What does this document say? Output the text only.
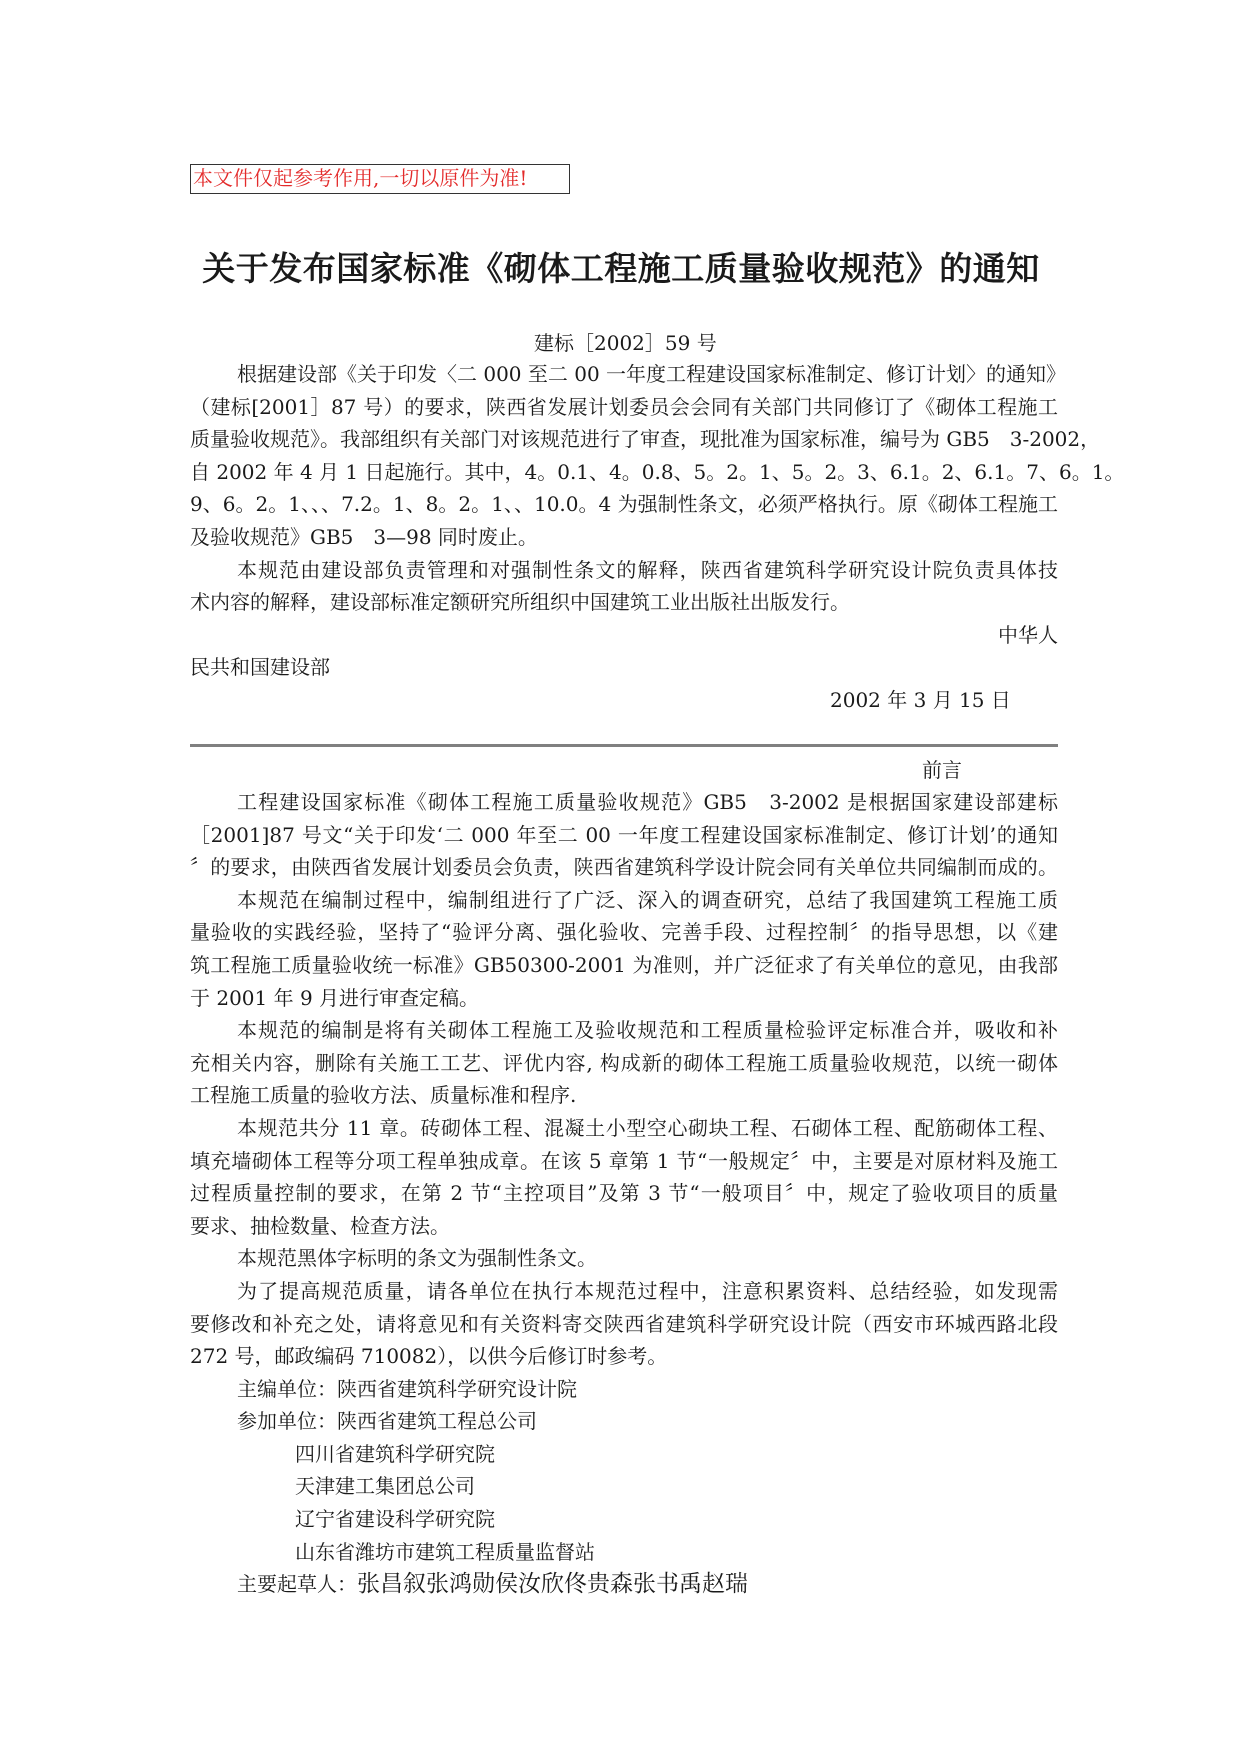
本文件仅起参考作用,一切以原件为准!
关于发布国家标准《砌体工程施工质量验收规范》的通知
建标［2002］59 号
根据建设部《关于印发〈二 000 至二 00 一年度工程建设国家标准制定、修订计划〉的通知》
（建标[2001］87 号）的要求，陕西省发展计划委员会会同有关部门共同修订了《砌体工程施工
质量验收规范》。我部组织有关部门对该规范进行了审查，现批准为国家标准，编号为 GB5　3-2002，
自 2002 年 4 月 1 日起施行。其中，4。0.1、4。0.8、5。2。1、5。2。3、6.1。2、6.1。7、6。1。
9、6。2。1、、、7.2。1、8。2。1、、10.0。4 为强制性条文，必须严格执行。原《砌体工程施工
及验收规范》GB5　3—98 同时废止。
本规范由建设部负责管理和对强制性条文的解释，陕西省建筑科学研究设计院负责具体技
术内容的解释，建设部标准定额研究所组织中国建筑工业出版社出版发行。
中华人
民共和国建设部
2002 年 3 月 15 日
前言
工程建设国家标准《砌体工程施工质量验收规范》GB5　3-2002 是根据国家建设部建标
［2001]87 号文“关于印发‘二 000 年至二 00 一年度工程建设国家标准制定、修订计划’的通知
〞的要求，由陕西省发展计划委员会负责，陕西省建筑科学设计院会同有关单位共同编制而成的。
本规范在编制过程中，编制组进行了广泛、深入的调查研究，总结了我国建筑工程施工质
量验收的实践经验，坚持了“验评分离、强化验收、完善手段、过程控制〞的指导思想，以《建
筑工程施工质量验收统一标准》GB50300-2001 为准则，并广泛征求了有关单位的意见，由我部
于 2001 年 9 月进行审查定稿。
本规范的编制是将有关砌体工程施工及验收规范和工程质量检验评定标准合并，吸收和补
充相关内容，删除有关施工工艺、评优内容, 构成新的砌体工程施工质量验收规范，以统一砌体
工程施工质量的验收方法、质量标准和程序.
本规范共分 11 章。砖砌体工程、混凝土小型空心砌块工程、石砌体工程、配筋砌体工程、
填充墙砌体工程等分项工程单独成章。在该 5 章第 1 节“一般规定〞中，主要是对原材料及施工
过程质量控制的要求，在第 2 节“主控项目”及第 3 节“一般项目〞中，规定了验收项目的质量
要求、抽检数量、检查方法。
本规范黑体字标明的条文为强制性条文。
为了提高规范质量，请各单位在执行本规范过程中，注意积累资料、总结经验，如发现需
要修改和补充之处，请将意见和有关资料寄交陕西省建筑科学研究设计院（西安市环城西路北段
272 号，邮政编码 710082），以供今后修订时参考。
主编单位：陕西省建筑科学研究设计院
参加单位：陕西省建筑工程总公司
四川省建筑科学研究院
天津建工集团总公司
辽宁省建设科学研究院
山东省潍坊市建筑工程质量监督站
主要起草人：张昌叙张鸿勋侯汝欣佟贵森张书禹赵瑞
